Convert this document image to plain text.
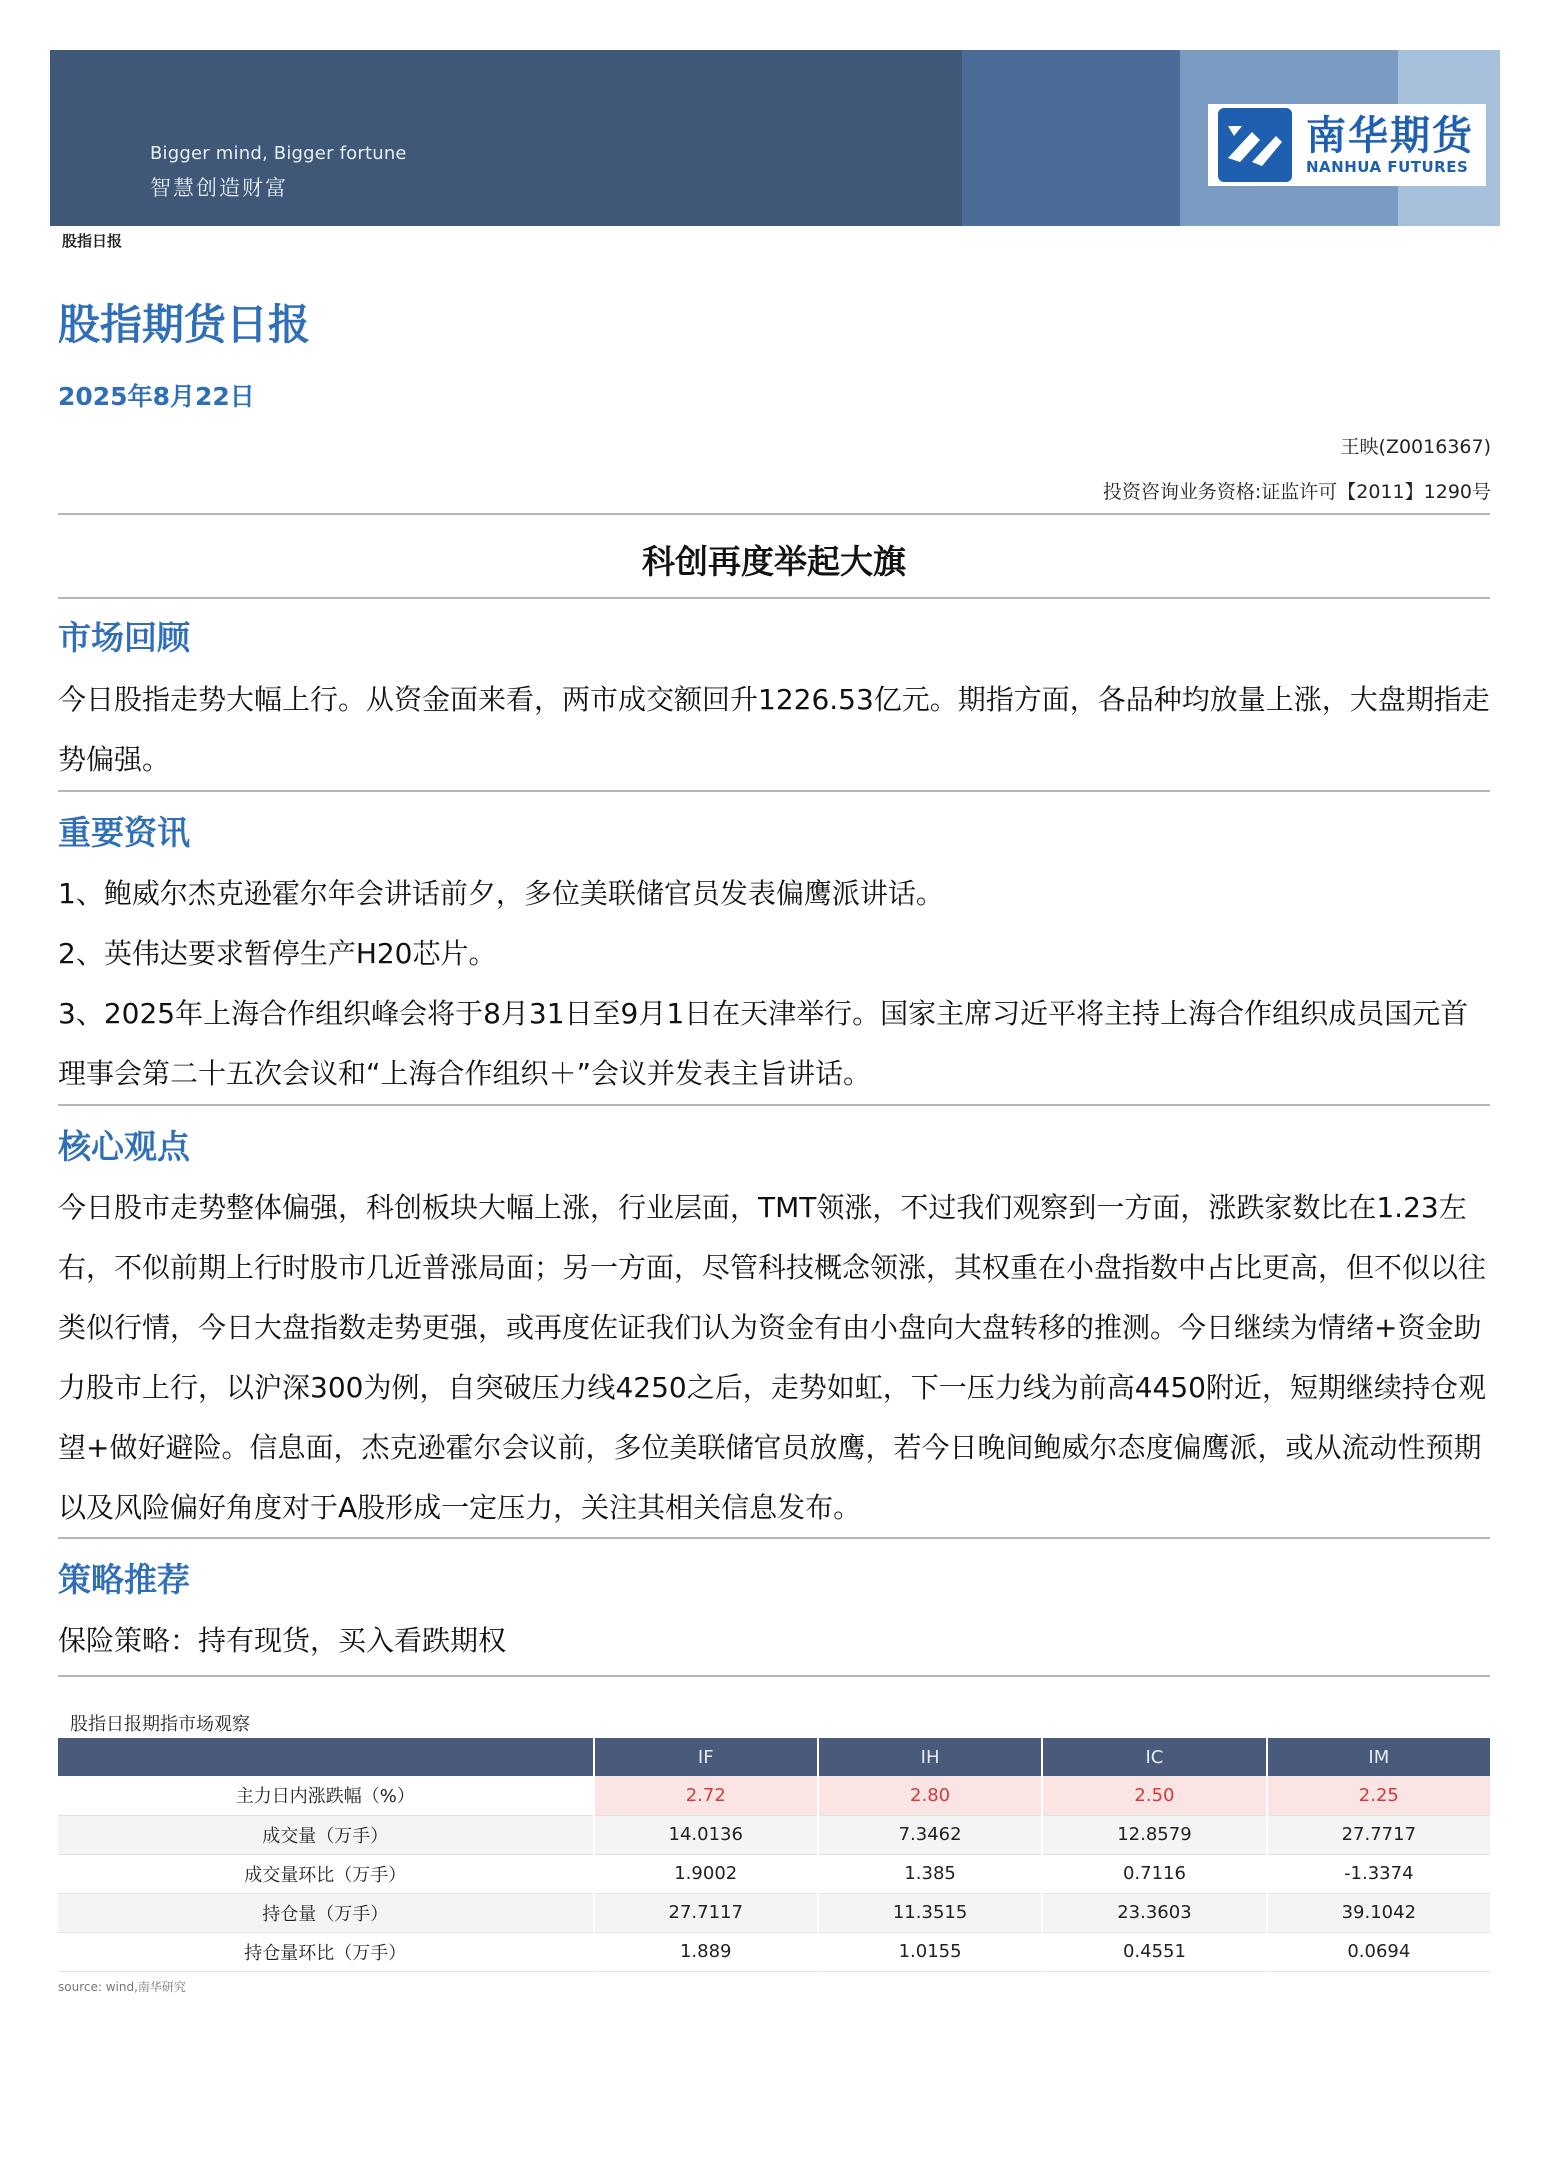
Bigger mind, Bigger fortune
智慧创造财富
南华期货
NANHUA FUTURES
股指日报
股指期货日报
2025年8月22日
王映(Z0016367)
投资咨询业务资格:证监许可【2011】1290号
科创再度举起大旗
市场回顾
今日股指走势大幅上行。从资金面来看，两市成交额回升1226.53亿元。期指方面，各品种均放量上涨，大盘期指走势偏强。
重要资讯
1、鲍威尔杰克逊霍尔年会讲话前夕，多位美联储官员发表偏鹰派讲话。
2、英伟达要求暂停生产H20芯片。
3、2025年上海合作组织峰会将于8月31日至9月1日在天津举行。国家主席习近平将主持上海合作组织成员国元首理事会第二十五次会议和“上海合作组织＋”会议并发表主旨讲话。
核心观点
今日股市走势整体偏强，科创板块大幅上涨，行业层面，TMT领涨，不过我们观察到一方面，涨跌家数比在1.23左右，不似前期上行时股市几近普涨局面；另一方面，尽管科技概念领涨，其权重在小盘指数中占比更高，但不似以往类似行情，今日大盘指数走势更强，或再度佐证我们认为资金有由小盘向大盘转移的推测。今日继续为情绪+资金助力股市上行，以沪深300为例，自突破压力线4250之后，走势如虹，下一压力线为前高4450附近，短期继续持仓观望+做好避险。信息面，杰克逊霍尔会议前，多位美联储官员放鹰，若今日晚间鲍威尔态度偏鹰派，或从流动性预期以及风险偏好角度对于A股形成一定压力，关注其相关信息发布。
策略推荐
保险策略：持有现货，买入看跌期权
股指日报期指市场观察
	IF	IH	IC	IM
主力日内涨跌幅（%）	2.72	2.80	2.50	2.25
成交量（万手）	14.0136	7.3462	12.8579	27.7717
成交量环比（万手）	1.9002	1.385	0.7116	-1.3374
持仓量（万手）	27.7117	11.3515	23.3603	39.1042
持仓量环比（万手）	1.889	1.0155	0.4551	0.0694
source: wind,南华研究
